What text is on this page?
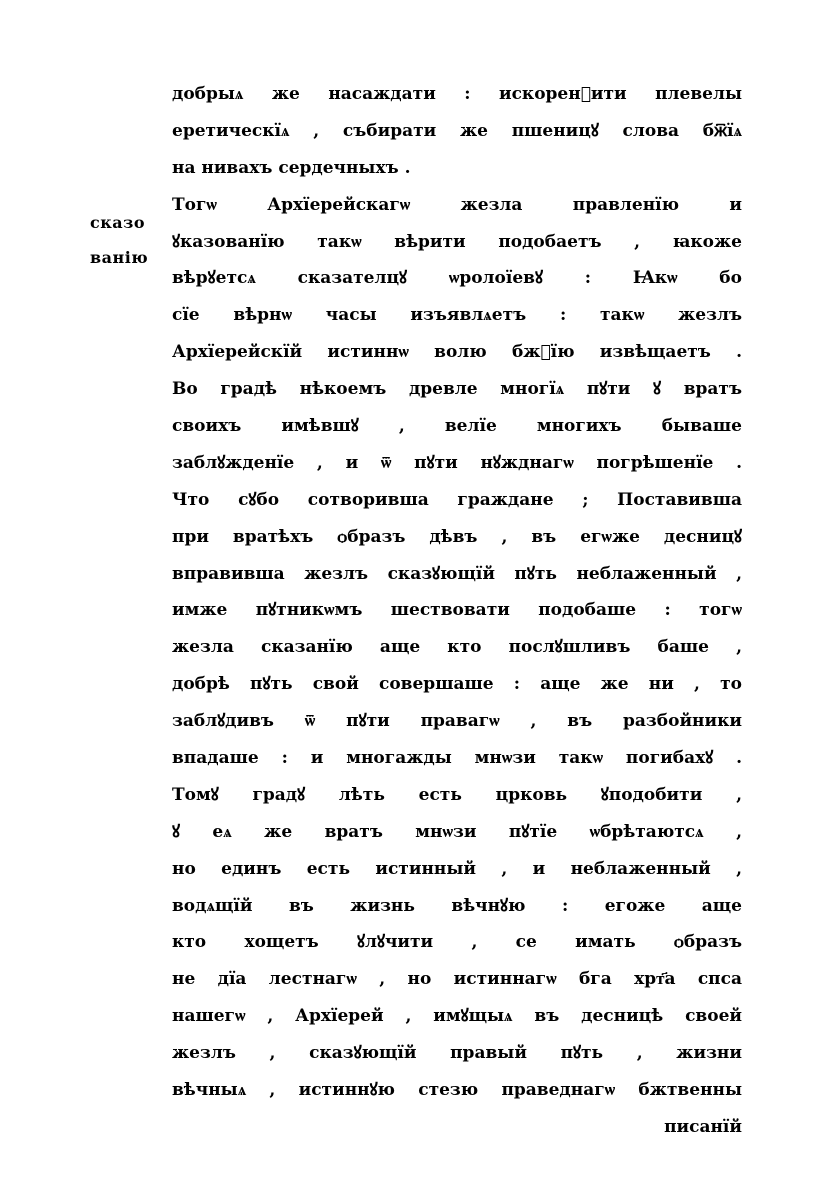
сказо
ванію
добрыѧ же насаждати : искорен꙯ити плевелы
еретическїѧ , събирати же пшеницꙋ слова бж꙯їѧ
на нивахъ сердечныхъ .
Тогѡ Архїерейскагѡ жезла правленїю и
ꙋказованїю такѡ вѣрити подобаетъ , ꙗкоже
вѣрꙋетсѧ сказателцꙋ ѡролоїевꙋ : Ꙗкѡ бо
сїе вѣрнѡ часы изъявлѧетъ : такѡ жезлъ
Архїерейскїй истиннѡ волю бж꙯їю извѣщаетъ .
Во градѣ нѣкоемъ древле многїѧ пꙋти ꙋ вратъ
своихъ имѣвшꙋ , велїе многихъ бываше
заблꙋжденїе , и ѿ пꙋти нꙋжднагѡ погрѣшенїе .
Что сꙋбо сотворивша граждане ; Поставивша
при вратѣхъ ѻбразъ дѣвъ , въ егѡже десницꙋ
вправивша жезлъ сказꙋющїй пꙋть неблаженный ,
имже пꙋтникѡмъ шествовати подобаше : тогѡ
жезла сказанїю аще кто послꙋшливъ баше ,
добрѣ пꙋть свой совершаше : аще же ни , то
заблꙋдивъ ѿ пꙋти правагѡ , въ разбойники
впадаше : и многажды мнѡзи такѡ погибахꙋ .
Томꙋ градꙋ лѣть есть црковь ꙋподобити ,
ꙋ еѧ же вратъ мнѡзи пꙋтїе ѡбрѣтаютсѧ ,
но единъ есть истинный , и неблаженный ,
водѧщїй въ жизнь вѣчнꙋю : егоже аще
кто хощетъ ꙋлꙋчити , се имать ѻбразъ
не дїа лестнагѡ , но истиннагѡ бга хрт҃а спса
нашегѡ , Архїерей , имꙋщыѧ въ десницѣ своей
жезлъ , сказꙋющїй правый пꙋть , жизни
вѣчныѧ , истиннꙋю стезю праведнагѡ бжтвенны
писанїй
